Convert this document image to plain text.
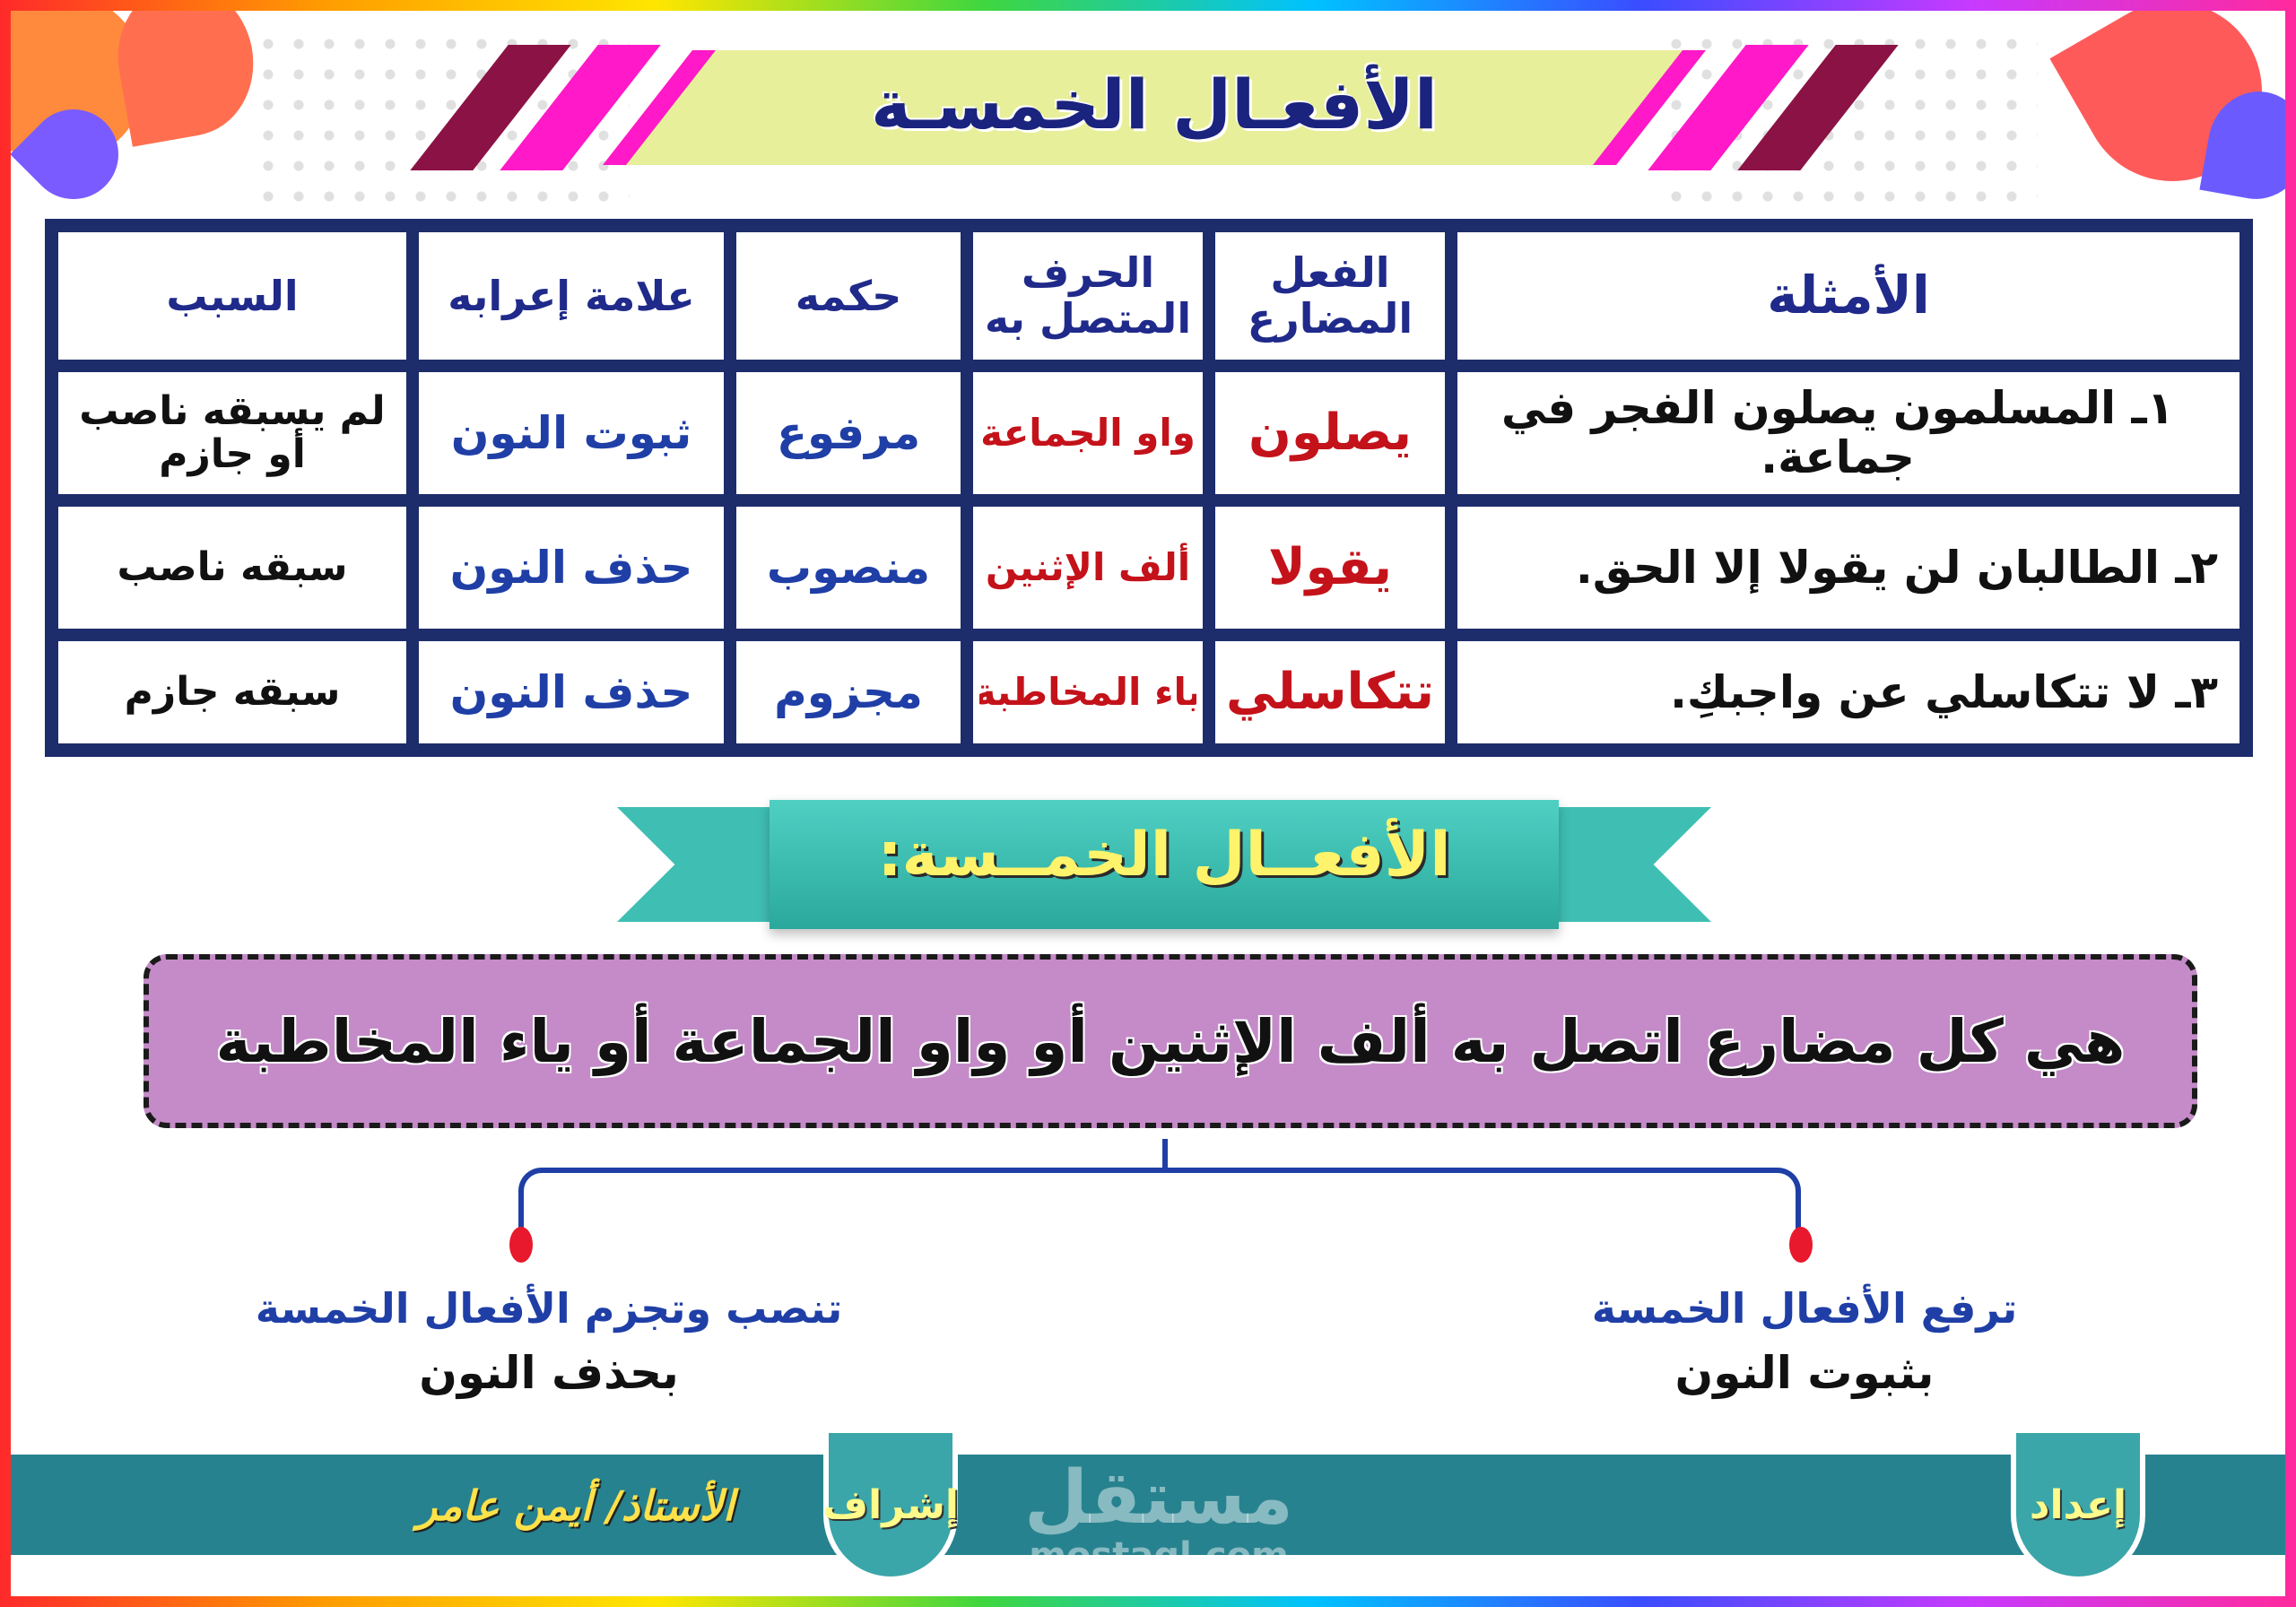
الأفعـال الخمسـة
الأمثلة
الفعل المضارع
الحرف المتصل به
حكمه
علامة إعرابه
السبب
١ـ المسلمون يصلون الفجر في جماعة.
يصلون
واو الجماعة
مرفوع
ثبوت النون
لم يسبقه ناصب أو جازم
٢ـ الطالبان لن يقولا إلا الحق.
يقولا
ألف الإثنين
منصوب
حذف النون
سبقه ناصب
٣ـ لا تتكاسلي عن واجبكِ.
تتكاسلي
ياء المخاطبة
مجزوم
حذف النون
سبقه جازم
الأفعــال الخمــسة:
هي كل مضارع اتصل به ألف الإثنين أو واو الجماعة أو ياء المخاطبة
ترفع الأفعال الخمسة
بثبوت النون
تنصب وتجزم الأفعال الخمسة
بحذف النون
إعداد
إشراف
الأستاذ/ أيمن عامر	مستقل
mostaql.com
